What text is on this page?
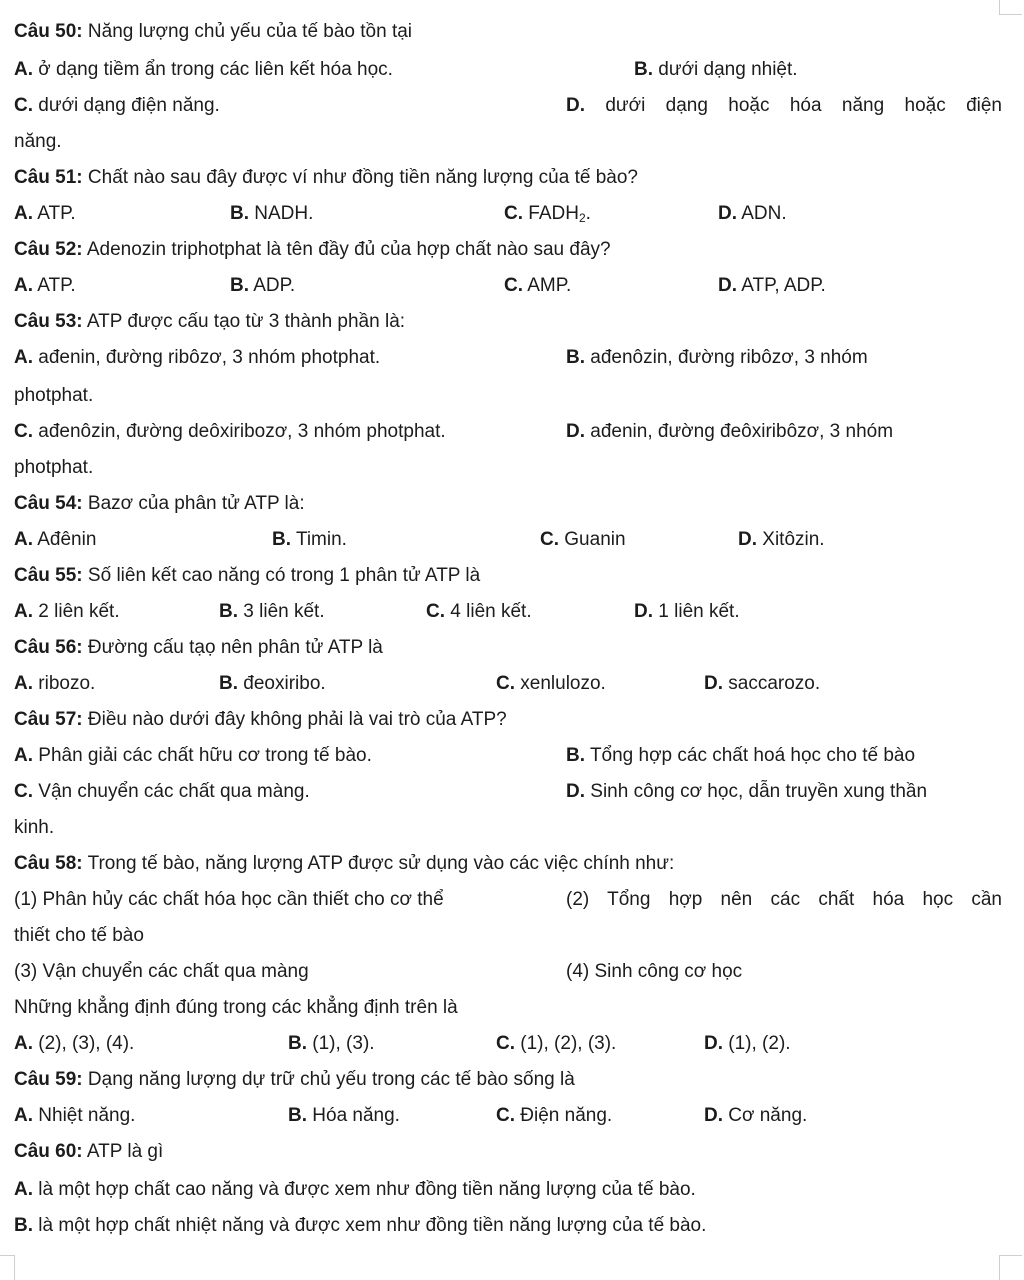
Câu 50: Năng lượng chủ yếu của tế bào tồn tại
A. ở dạng tiềm ẩn trong các liên kết hóa học.	B. dưới dạng nhiệt.
C. dưới dạng điện năng.	D. dưới dạng hoặc hóa năng hoặc điện
năng.
Câu 51: Chất nào sau đây được ví như đồng tiền năng lượng của tế bào?
A. ATP.	B. NADH.	C. $FADH_2$.	D. ADN.
Câu 52: Adenozin triphotphat là tên đầy đủ của hợp chất nào sau đây?
A. ATP.	B. ADP.	C. AMP.	D. ATP, ADP.
Câu 53: ATP được cấu tạo từ 3 thành phần là:
A. ađenin, đường ribôzơ, 3 nhóm photphat.	B. ađenôzin, đường ribôzơ, 3 nhóm
photphat.
C. ađenôzin, đường deôxiribozơ, 3 nhóm photphat.	D. ađenin, đường đeôxiribôzơ, 3 nhóm
photphat.
Câu 54: Bazơ của phân tử ATP là:
A. Ađênin	B. Timin.	C. Guanin	D. Xitôzin.
Câu 55: Số liên kết cao năng có trong 1 phân tử ATP là
A. 2 liên kết.	B. 3 liên kết.	C. 4 liên kết.	D. 1 liên kết.
Câu 56: Đường cấu tạọ nên phân tử ATP là
A. ribozo.	B. đeoxiribo.	C. xenlulozo.	D. saccarozo.
Câu 57: Điều nào dưới đây không phải là vai trò của ATP?
A. Phân giải các chất hữu cơ trong tế bào.	B. Tổng hợp các chất hoá học cho tế bào
C. Vận chuyển các chất qua màng.	D. Sinh công cơ học, dẫn truyền xung thần
kinh.
Câu 58: Trong tế bào, năng lượng ATP được sử dụng vào các việc chính như:
(1) Phân hủy các chất hóa học cần thiết cho cơ thể	(2) Tổng hợp nên các chất hóa học cần
thiết cho tế bào
(3) Vận chuyển các chất qua màng	(4) Sinh công cơ học
Những khẳng định đúng trong các khẳng định trên là
A. (2), (3), (4).	B. (1), (3).	C. (1), (2), (3).	D. (1), (2).
Câu 59: Dạng năng lượng dự trữ chủ yếu trong các tế bào sống là
A. Nhiệt năng.	B. Hóa năng.	C. Điện năng.	D. Cơ năng.
Câu 60: ATP là gì
A. là một hợp chất cao năng và được xem như đồng tiền năng lượng của tế bào.
B. là một hợp chất nhiệt năng và được xem như đồng tiền năng lượng của tế bào.
